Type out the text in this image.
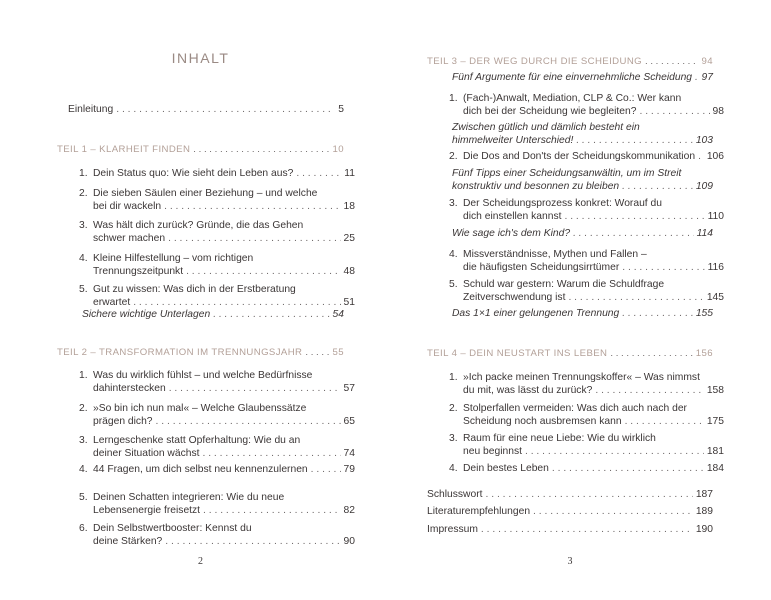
INHALT
2
Einleitung . . .	5
TEIL 1 – KLARHEIT FINDEN . . .	10
1. Dein Status quo: Wie sieht dein Leben aus? . . .	11
2. Die sieben Säulen einer Beziehung – und welche
bei dir wackeln . . .	18
3. Was hält dich zurück? Gründe, die das Gehen
schwer machen . . .	25
4. Kleine Hilfestellung – vom richtigen
Trennungszeitpunkt . . .	48
5. Gut zu wissen: Was dich in der Erstberatung
erwartet . . .	51
Sichere wichtige Unterlagen . . .	54
TEIL 2 – TRANSFORMATION IM TRENNUNGSJAHR . . .	55
1. Was du wirklich fühlst – und welche Bedürfnisse
dahinterstecken . . .	57
2. »So bin ich nun mal« – Welche Glaubenssätze
prägen dich? . . .	65
3. Lerngeschenke statt Opferhaltung: Wie du an
deiner Situation wächst . . .	74
4. 44 Fragen, um dich selbst neu kennenzulernen . . .	79
5. Deinen Schatten integrieren: Wie du neue
Lebensenergie freisetzt . . .	82
6. Dein Selbstwertbooster: Kennst du
deine Stärken? . . .	90
3
TEIL 3 – DER WEG DURCH DIE SCHEIDUNG . . .	94
Fünf Argumente für eine einvernehmliche Scheidung . . . 97
1. (Fach-)Anwalt, Mediation, CLP & Co.: Wer kann
dich bei der Scheidung wie begleiten? . . .	98
Zwischen gütlich und dämlich besteht ein
himmelweiter Unterschied! . . .	103
2. Die Dos and Don'ts der Scheidungskommunikation . . . 106
Fünf Tipps einer Scheidungsanwältin, um im Streit
konstruktiv und besonnen zu bleiben . . .	109
3. Der Scheidungsprozess konkret: Worauf du
dich einstellen kannst . . .	110
Wie sage ich's dem Kind? . . .	114
4. Missverständnisse, Mythen und Fallen –
die häufigsten Scheidungsirrtümer . . .	116
5. Schuld war gestern: Warum die Schuldfrage
Zeitverschwendung ist . . .	145
Das 1×1 einer gelungenen Trennung . . .	155
TEIL 4 – DEIN NEUSTART INS LEBEN . . .	156
1. »Ich packe meinen Trennungskoffer« – Was nimmst
du mit, was lässt du zurück? . . .	158
2. Stolperfallen vermeiden: Was dich auch nach der
Scheidung noch ausbremsen kann . . .	175
3. Raum für eine neue Liebe: Wie du wirklich
neu beginnst . . .	181
4. Dein bestes Leben . . .	184
Schlusswort . . .	187
Literaturempfehlungen . . .	189
Impressum . . .	190
